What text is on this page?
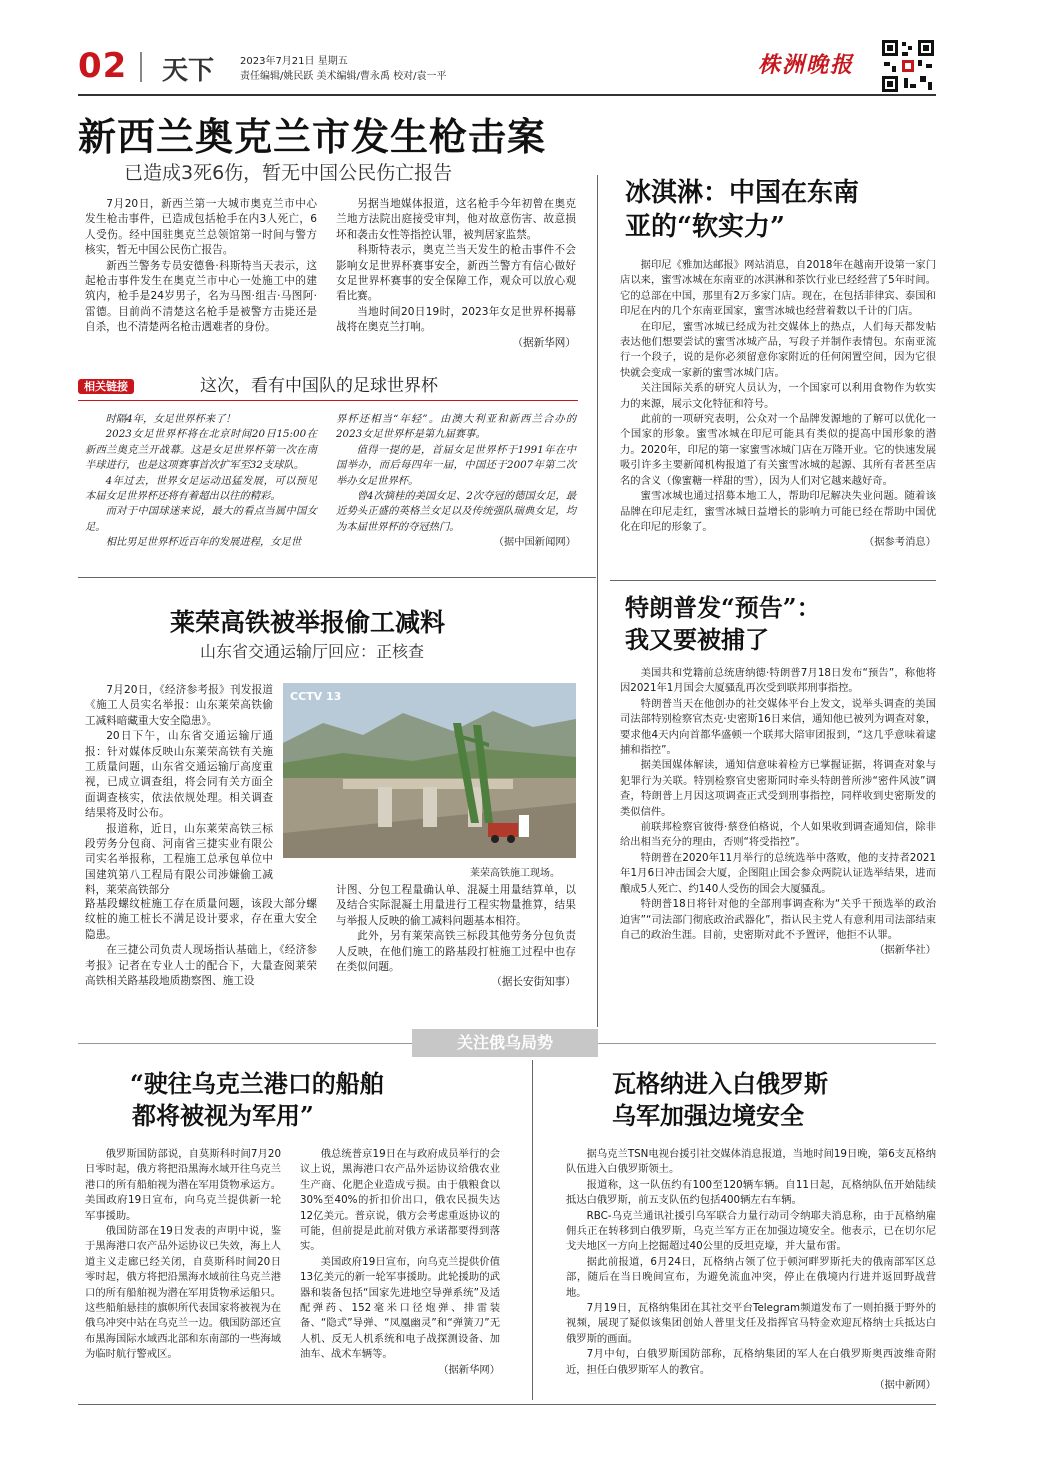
02 天下	2023年7月21日 星期五
责任编辑/姚民跃 美术编辑/曹永禹 校对/袁一平	株洲晚报
新西兰奥克兰市发生枪击案
已造成3死6伤，暂无中国公民伤亡报告

7月20日，新西兰第一大城市奥克兰市中心发生枪击事件，已造成包括枪手在内3人死亡，6人受伤。经中国驻奥克兰总领馆第一时间与警方核实，暂无中国公民伤亡报告。

新西兰警务专员安德鲁·科斯特当天表示，这起枪击事件发生在奥克兰市中心一处施工中的建筑内，枪手是24岁男子，名为马图·组吉·马图阿·雷德。目前尚不清楚这名枪手是被警方击毙还是自杀，也不清楚两名枪击遇难者的身份。

另据当地媒体报道，这名枪手今年初曾在奥克兰地方法院出庭接受审判，他对故意伤害、故意损坏和袭击女性等指控认罪，被判居家监禁。

科斯特表示，奥克兰当天发生的枪击事件不会影响女足世界杯赛事安全，新西兰警方有信心做好女足世界杯赛事的安全保障工作，观众可以放心观看比赛。

当地时间20日19时，2023年女足世界杯揭幕战将在奥克兰打响。

（据新华网）
相关链接	这次，看有中国队的足球世界杯

时隔4年，女足世界杯来了！

2023女足世界杯将在北京时间20日15:00在新西兰奥克兰开战幕。这是女足世界杯第一次在南半球进行，也是这项赛事首次扩军至32支球队。

4年过去，世界女足运动迅猛发展，可以预见本届女足世界杯还将有着超出以往的精彩。

而对于中国球迷来说，最大的看点当属中国女足。

相比男足世界杯近百年的发展进程，女足世

界杯还相当“年轻”。由澳大利亚和新西兰合办的2023女足世界杯是第九届赛事。

值得一提的是，首届女足世界杯于1991年在中国举办，而后每四年一届，中国还于2007年第二次举办女足世界杯。

曾4次摘桂的美国女足、2次夺冠的德国女足，最近势头正盛的英格兰女足以及传统强队瑞典女足，均为本届世界杯的夺冠热门。

（据中国新闻网）
莱荣高铁被举报偷工减料
山东省交通运输厅回应：正核查

7月20日，《经济参考报》刊发报道《施工人员实名举报：山东莱荣高铁偷工减料暗藏重大安全隐患》。

20日下午，山东省交通运输厅通报：针对媒体反映山东莱荣高铁有关施工质量问题，山东省交通运输厅高度重视，已成立调查组，将会同有关方面全面调查核实，依法依规处理。相关调查结果将及时公布。

报道称，近日，山东莱荣高铁三标段劳务分包商、河南省三捷实业有限公司实名举报称，工程施工总承包单位中国建筑第八工程局有限公司涉嫌偷工减料，莱荣高铁部分

CCTV 13
莱荣高铁施工现场。

路基段螺纹桩施工存在质量问题，该段大部分螺纹桩的施工桩长不满足设计要求，存在重大安全隐患。

在三捷公司负责人现场指认基础上，《经济参考报》记者在专业人士的配合下，大量查阅莱荣高铁相关路基段地质勘察图、施工设

计图、分包工程量确认单、混凝土用量结算单，以及结合实际混凝土用量进行工程实物量推算，结果与举报人反映的偷工减料问题基本相符。

此外，另有莱荣高铁三标段其他劳务分包负责人反映，在他们施工的路基段打桩施工过程中也存在类似问题。

（据长安街知事）
冰淇淋：中国在东南
亚的“软实力”

据印尼《雅加达邮报》网站消息，自2018年在越南开设第一家门店以来，蜜雪冰城在东南亚的冰淇淋和茶饮行业已经经营了5年时间。它的总部在中国，那里有2万多家门店。现在，在包括菲律宾、泰国和印尼在内的几个东南亚国家，蜜雪冰城也经营着数以千计的门店。

在印尼，蜜雪冰城已经成为社交媒体上的热点，人们每天都发帖表达他们想要尝试的蜜雪冰城产品，写段子并制作表情包。东南亚流行一个段子，说的是你必须留意你家附近的任何闲置空间，因为它很快就会变成一家新的蜜雪冰城门店。

关注国际关系的研究人员认为，一个国家可以利用食物作为软实力的来源，展示文化特征和符号。

此前的一项研究表明，公众对一个品牌发源地的了解可以优化一个国家的形象。蜜雪冰城在印尼可能具有类似的提高中国形象的潜力。2020年，印尼的第一家蜜雪冰城门店在万隆开业。它的快速发展吸引许多主要新闻机构报道了有关蜜雪冰城的起源、其所有者甚至店名的含义（像蜜糖一样甜的雪），因为人们对它越来越好奇。

蜜雪冰城也通过招募本地工人，帮助印尼解决失业问题。随着该品牌在印尼走红，蜜雪冰城日益增长的影响力可能已经在帮助中国优化在印尼的形象了。

（据参考消息）
特朗普发“预告”：
我又要被捕了

美国共和党籍前总统唐纳德·特朗普7月18日发布“预告”，称他将因2021年1月国会大厦骚乱再次受到联邦刑事指控。

特朗普当天在他创办的社交媒体平台上发文，说举头调查的美国司法部特别检察官杰克·史密斯16日来信，通知他已被列为调查对象，要求他4天内向首都华盛顿一个联邦大陪审团报到，“这几乎意味着逮捕和指控”。

据美国媒体解读，通知信意味着检方已掌握证据，将调查对象与犯罪行为关联。特别检察官史密斯同时牵头特朗普所涉“密件风波”调查，特朗普上月因这项调查正式受到刑事指控，同样收到史密斯发的类似信件。

前联邦检察官彼得·蔡登伯格说，个人如果收到调查通知信，除非给出相当充分的理由，否则“将受指控”。

特朗普在2020年11月举行的总统选举中落败，他的支持者2021年1月6日冲击国会大厦，企图阻止国会参众两院认证选举结果，进而酿成5人死亡、约140人受伤的国会大厦骚乱。

特朗普18日将针对他的全部刑事调查称为“关乎干预选举的政治迫害”“司法部门彻底政治武器化”，指认民主党人有意利用司法部结束自己的政治生涯。目前，史密斯对此不予置评，他拒不认罪。

（据新华社）
关注俄乌局势
“驶往乌克兰港口的船舶
都将被视为军用”

俄罗斯国防部说，自莫斯科时间7月20日零时起，俄方将把沿黑海水域开往乌克兰港口的所有船舶视为潜在军用货物承运方。美国政府19日宣布，向乌克兰提供新一轮军事援助。

俄国防部在19日发表的声明中说，鉴于黑海港口农产品外运协议已失效，海上人道主义走廊已经关闭，自莫斯科时间20日零时起，俄方将把沿黑海水域前往乌克兰港口的所有船舶视为潜在军用货物承运船只。这些船舶悬挂的旗帜所代表国家将被视为在俄乌冲突中站在乌克兰一边。俄国防部还宣布黑海国际水域西北部和东南部的一些海域为临时航行警戒区。

俄总统普京19日在与政府成员举行的会议上说，黑海港口农产品外运协议给俄农业生产商、化肥企业造成亏损。由于俄粮食以30%至40%的折扣价出口，俄农民损失达12亿美元。普京说，俄方会考虑重返协议的可能，但前提是此前对俄方承诺都要得到落实。

美国政府19日宣布，向乌克兰提供价值13亿美元的新一轮军事援助。此轮援助的武器和装备包括“国家先进地空导弹系统”及适配弹药、152毫米口径炮弹、排雷装备、“隐式”导弹、“凤凰幽灵”和“弹簧刀”无人机、反无人机系统和电子战探测设备、加油车、战术车辆等。

（据新华网）
瓦格纳进入白俄罗斯
乌军加强边境安全

据乌克兰TSN电视台援引社交媒体消息报道，当地时间19日晚，第6支瓦格纳队伍进入白俄罗斯领土。

报道称，这一队伍约有100至120辆车辆。自11日起，瓦格纳队伍开始陆续抵达白俄罗斯，前五支队伍约包括400辆左右车辆。

RBC-乌克兰通讯社援引乌军联合力量行动司令纳耶夫消息称，由于瓦格纳雇佣兵正在转移到白俄罗斯，乌克兰军方正在加强边境安全。他表示，已在切尔尼戈夫地区一方向上挖掘超过40公里的反坦克壕，并大量布雷。

据此前报道，6月24日，瓦格纳占领了位于顿河畔罗斯托夫的俄南部军区总部，随后在当日晚间宣布，为避免流血冲突，停止在俄境内行进并返回野战营地。

7月19日，瓦格纳集团在其社交平台Telegram频道发布了一则拍摄于野外的视频，展现了疑似该集团创始人普里戈任及指挥官马特金欢迎瓦格纳士兵抵达白俄罗斯的画面。

7月中旬，白俄罗斯国防部称，瓦格纳集团的军人在白俄罗斯奥西波维奇附近，担任白俄罗斯军人的教官。

（据中新网）
